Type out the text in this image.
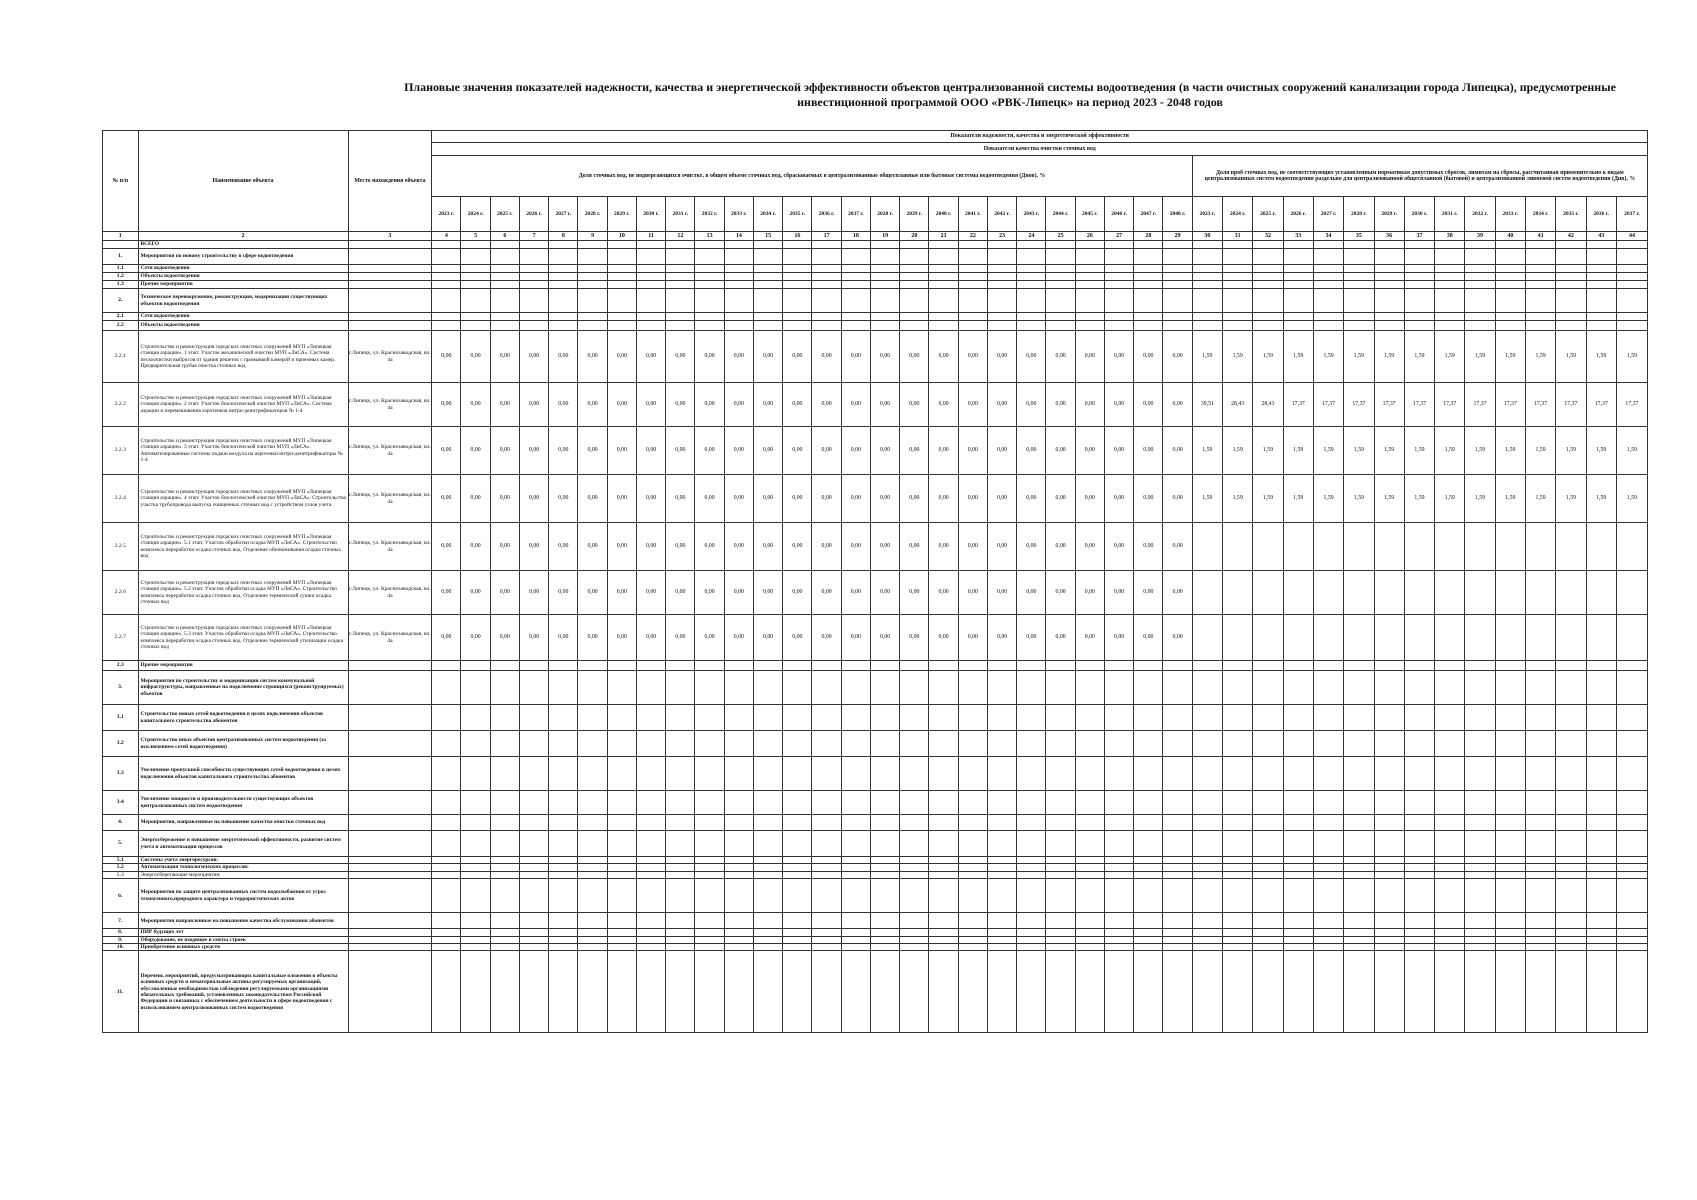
Плановые значения показателей надежности, качества и энергетической эффективности объектов централизованной системы водоотведения (в части очистных сооружений канализации города Липецка), предусмотренные инвестиционной программой ООО «РВК-Липецк» на период 2023 - 2048 годов
№ п/п	Наименование объекта	Место нахождения объекта	Показатели надежности, качества и энергетической эффективности																																								
			Показатели качества очистки сточных вод																																								
			Доля сточных вод, не подвергающихся очистке, в общем объеме сточных вод, сбрасываемых в централизованные общесплавные или бытовые системы водоотведения (Днов), %																										Доля проб сточных вод, не соответствующих установленным нормативам допустимых сбросов, лимитам на сбросы, рассчитанная применительно к видам централизованных систем водоотведения раздельно для централизованной общесплавной (бытовой) и централизованной ливневой систем водоотведения (Днв), %														
			2023 г.	2024 г.	2025 г.	2026 г.	2027 г.	2028 г.	2029 г.	2030 г.	2031 г.	2032 г.	2033 г.	2034 г.	2035 г.	2036 г.	2037 г.	2028 г.	2039 г.	2040 г.	2041 г.	2042 г.	2043 г.	2044 г.	2045 г.	2046 г.	2047 г.	2048 г.	2023 г.	2024 г.	2025 г.	2026 г.	2027 г.	2028 г.	2029 г.	2030 г.	2031 г.	2032 г.	2033 г.	2034 г.	2035 г.	2036 г.	2037 г.
1	2	3	4	5	6	7	8	9	10	11	12	13	14	15	16	17	18	19	20	21	22	23	24	25	26	27	28	29	30	31	32	33	34	35	36	37	38	39	40	41	42	43	44
	ВСЕГО																																										
1.	Мероприятия по новому строительству в сфере водоотведения																																										
1.1	Сети водоотведения																																										
1.2	Объекты водоотведения																																										
1.3	Прочие мероприятия																																										
2.	Техническое перевооружение, реконструкция, модернизация существующих объектов водоотведения																																										
2.1	Сети водоотведения																																										
2.2	Объекты водоотведения																																										
2.2.1	Строительство и реконструкция городских очистных сооружений МУП «Липецкая станция аэрации». 1 этап: Участок механической очистки МУП «ЛиСА». Система пескоочистки выбросов от здания решеток с промывкой камерой и приемных камер. Предварительная грубая очистка сточных вод	г.Липецк, ул. Краснозаводская, вл. 4а	0,00	0,00	0,00	0,00	0,00	0,00	0,00	0,00	0,00	0,00	0,00	0,00	0,00	0,00	0,00	0,00	0,00	0,00	0,00	0,00	0,00	0,00	0,00	0,00	0,00	0,00	1,59	1,59	1,59	1,59	1,59	1,59	1,59	1,59	1,59	1,59	1,59	1,59	1,59	1,59	1,59
2.2.2	Строительство и реконструкция городских очистных сооружений МУП «Липецкая станция аэрации». 2 этап: Участок биологической очистки МУП «ЛиСА». Система аэрации и перемешивания аэротенков нитри-денитрификаторов № 1-4	г.Липецк, ул. Краснозаводская, вл. 4а	0,00	0,00	0,00	0,00	0,00	0,00	0,00	0,00	0,00	0,00	0,00	0,00	0,00	0,00	0,00	0,00	0,00	0,00	0,00	0,00	0,00	0,00	0,00	0,00	0,00	0,00	39,51	28,43	28,43	17,37	17,37	17,37	17,37	17,37	17,37	17,37	17,37	17,37	17,37	17,37	17,37
2.2.3	Строительство и реконструкция городских очистных сооружений МУП «Липецкая станция аэрации». 3 этап: Участок биологической очистки МУП «ЛиСА». Автоматизированные системы подачи воздуха на аэротенки нитри-денитрификаторы № 1-4	г.Липецк, ул. Краснозаводская, вл. 4а	0,00	0,00	0,00	0,00	0,00	0,00	0,00	0,00	0,00	0,00	0,00	0,00	0,00	0,00	0,00	0,00	0,00	0,00	0,00	0,00	0,00	0,00	0,00	0,00	0,00	0,00	1,59	1,59	1,59	1,59	1,59	1,59	1,59	1,59	1,59	1,59	1,59	1,59	1,59	1,59	1,59
2.2.4	Строительство и реконструкция городских очистных сооружений МУП «Липецкая станция аэрации». 4 этап: Участок биологической очистки МУП «ЛиСА». Строительство участка трубопровода выпуска очищенных сточных вод с устройством узлов учета	г.Липецк, ул. Краснозаводская, вл. 4а	0,00	0,00	0,00	0,00	0,00	0,00	0,00	0,00	0,00	0,00	0,00	0,00	0,00	0,00	0,00	0,00	0,00	0,00	0,00	0,00	0,00	0,00	0,00	0,00	0,00	0,00	1,59	1,59	1,59	1,59	1,59	1,59	1,59	1,59	1,59	1,59	1,59	1,59	1,59	1,59	1,59
2.2.5	Строительство и реконструкция городских очистных сооружений МУП «Липецкая станция аэрации». 5.1 этап: Участок обработки осадка МУП «ЛиСА». Строительство комплекса переработки осадка сточных вод. Отделение обезвоживания осадка сточных вод	г.Липецк, ул. Краснозаводская, вл. 4а	0,00	0,00	0,00	0,00	0,00	0,00	0,00	0,00	0,00	0,00	0,00	0,00	0,00	0,00	0,00	0,00	0,00	0,00	0,00	0,00	0,00	0,00	0,00	0,00	0,00	0,00															
2.2.6	Строительство и реконструкция городских очистных сооружений МУП «Липецкая станция аэрации». 5.2 этап: Участок обработки осадка МУП «ЛиСА». Строительство комплекса переработки осадка сточных вод. Отделение термической сушки осадка сточных вод	г.Липецк, ул. Краснозаводская, вл. 4а	0,00	0,00	0,00	0,00	0,00	0,00	0,00	0,00	0,00	0,00	0,00	0,00	0,00	0,00	0,00	0,00	0,00	0,00	0,00	0,00	0,00	0,00	0,00	0,00	0,00	0,00															
2.2.7	Строительство и реконструкция городских очистных сооружений МУП «Липецкая станция аэрации». 5.3 этап: Участок обработки осадка МУП «ЛиСА». Строительство комплекса переработки осадка сточных вод. Отделение термической утилизации осадка сточных вод	г.Липецк, ул. Краснозаводская, вл. 4а	0,00	0,00	0,00	0,00	0,00	0,00	0,00	0,00	0,00	0,00	0,00	0,00	0,00	0,00	0,00	0,00	0,00	0,00	0,00	0,00	0,00	0,00	0,00	0,00	0,00	0,00															
2.3	Прочие мероприятия																																										
3.	Мероприятия по строительству и модернизации систем коммунальной инфраструктуры, направленные на подключение строящихся (реконструируемых) объектов																																										
3.1	Строительство новых сетей водоотведения в целях подключения объектов капитального строительства абонентов																																										
3.2	Строительство иных объектов централизованных систем водоотведения (за исключением сетей водоотведения)																																										
3.3	Увеличение пропускной способности существующих сетей водоотведения в целях подключения объектов капитального строительства абонентов																																										
3.4	Увеличение мощности и производительности существующих объектов централизованных систем водоотведения																																										
4.	Мероприятия, направленные на повышение качества очистки сточных вод																																										
5.	Энергосбережение и повышение энергетической эффективности, развитие систем учета и автоматизации процессов																																										
5.1	Системы учета энергоресурсов:																																										
5.2	Автоматизация технологических процессов:																																										
5.3	Энергосберегающие мероприятия:																																										
6.	Мероприятия по защите централизованных систем водоснабжения от угроз техногенного,природного характера и террористических актов																																										
7.	Мероприятия направленные на повышение качества обслуживания абонентов																																										
8.	ПИР будущих лет																																										
9.	Оборудование, не входящее в сметы строек																																										
10.	Приобретение основных средств																																										
11.	Перечень мероприятий, предусматривающих капитальные вложения в объекты основных средств и нематериальные активы регулируемых организаций, обусловленные необходимостью соблюдения регулируемыми организациями обязательных требований, установленных законодательством Российской Федерации и связанных с обеспечением деятельности в сфере водоотведения с использованием централизованных систем водоотведения																																										
